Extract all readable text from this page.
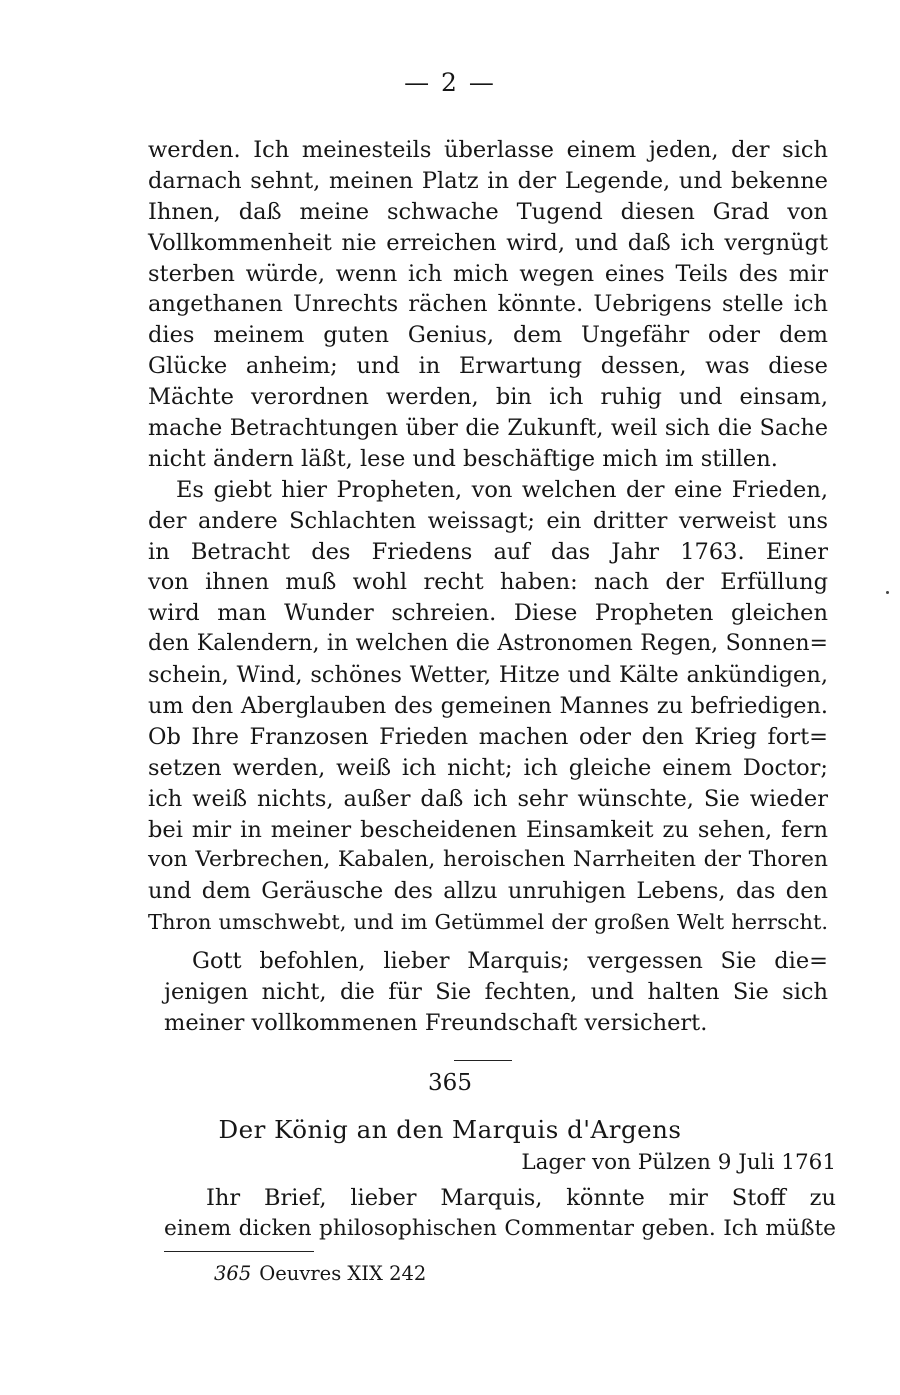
— 2 —
werden. Ich meinesteils überlasse einem jeden, der sich
darnach sehnt, meinen Platz in der Legende, und bekenne
Ihnen, daß meine schwache Tugend diesen Grad von
Vollkommenheit nie erreichen wird, und daß ich vergnügt
sterben würde, wenn ich mich wegen eines Teils des mir
angethanen Unrechts rächen könnte. Uebrigens stelle ich
dies meinem guten Genius, dem Ungefähr oder dem
Glücke anheim; und in Erwartung dessen, was diese
Mächte verordnen werden, bin ich ruhig und einsam,
mache Betrachtungen über die Zukunft, weil sich die Sache
nicht ändern läßt, lese und beschäftige mich im stillen.
Es giebt hier Propheten, von welchen der eine Frieden,
der andere Schlachten weissagt; ein dritter verweist uns
in Betracht des Friedens auf das Jahr 1763. Einer
von ihnen muß wohl recht haben: nach der Erfüllung
wird man Wunder schreien. Diese Propheten gleichen
den Kalendern, in welchen die Astronomen Regen, Sonnen=
schein, Wind, schönes Wetter, Hitze und Kälte ankündigen,
um den Aberglauben des gemeinen Mannes zu befriedigen.
Ob Ihre Franzosen Frieden machen oder den Krieg fort=
setzen werden, weiß ich nicht; ich gleiche einem Doctor;
ich weiß nichts, außer daß ich sehr wünschte, Sie wieder
bei mir in meiner bescheidenen Einsamkeit zu sehen, fern
von Verbrechen, Kabalen, heroischen Narrheiten der Thoren
und dem Geräusche des allzu unruhigen Lebens, das den
Thron umschwebt, und im Getümmel der großen Welt herrscht.
Gott befohlen, lieber Marquis; vergessen Sie die=
jenigen nicht, die für Sie fechten, und halten Sie sich
meiner vollkommenen Freundschaft versichert.
365
Der König an den Marquis d'Argens
Lager von Pülzen 9 Juli 1761
Ihr Brief, lieber Marquis, könnte mir Stoff zu
einem dicken philosophischen Commentar geben. Ich müßte
365 Oeuvres XIX 242
